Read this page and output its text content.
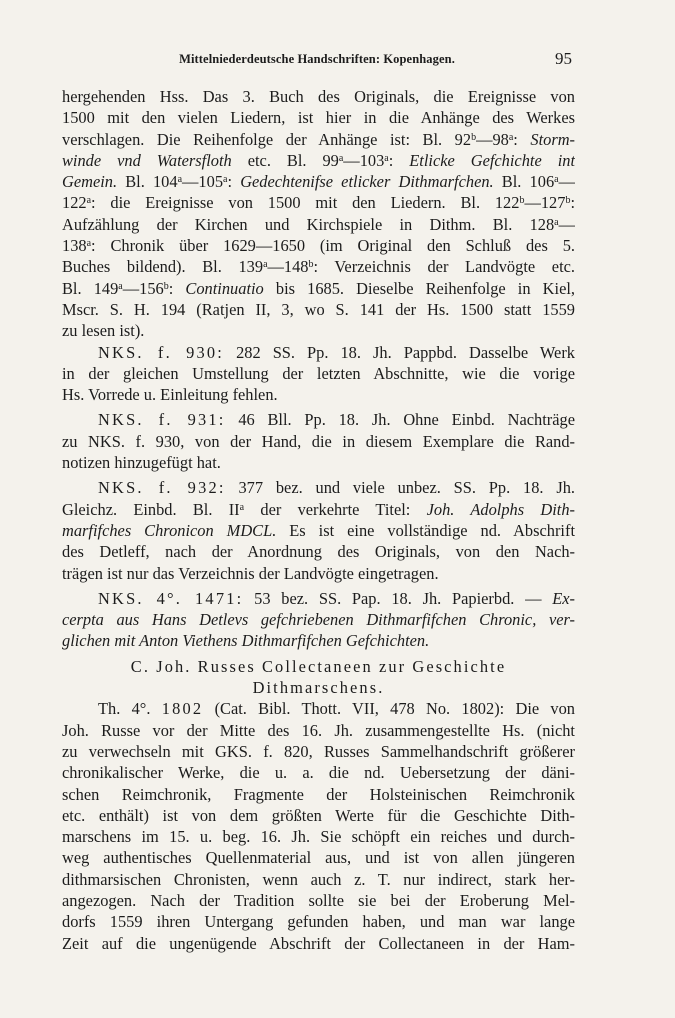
Mittelniederdeutsche Handschriften: Kopenhagen.	95
hergehenden Hss. Das 3. Buch des Originals, die Ereignisse von
1500 mit den vielen Liedern, ist hier in die Anhänge des Werkes
verschlagen. Die Reihenfolge der Anhänge ist: Bl. 92$^b$—98$^a$: Storm-
winde vnd Watersfloth etc. Bl. 99$^a$—103$^a$: Etlicke Gefchichte int
Gemein. Bl. 104$^a$—105$^a$: Gedechtenifse etlicker Dithmarfchen. Bl. 106$^a$—
122$^a$: die Ereignisse von 1500 mit den Liedern. Bl. 122$^b$—127$^b$:
Aufzählung der Kirchen und Kirchspiele in Dithm. Bl. 128$^a$—
138$^a$: Chronik über 1629—1650 (im Original den Schluß des 5.
Buches bildend). Bl. 139$^a$—148$^b$: Verzeichnis der Landvögte etc.
Bl. 149$^a$—156$^b$: Continuatio bis 1685. Dieselbe Reihenfolge in Kiel,
Mscr. S. H. 194 (Ratjen II, 3, wo S. 141 der Hs. 1500 statt 1559
zu lesen ist).
NKS. f. 930: 282 SS. Pp. 18. Jh. Pappbd. Dasselbe Werk
in der gleichen Umstellung der letzten Abschnitte, wie die vorige
Hs. Vorrede u. Einleitung fehlen.
NKS. f. 931: 46 Bll. Pp. 18. Jh. Ohne Einbd. Nachträge
zu NKS. f. 930, von der Hand, die in diesem Exemplare die Rand-
notizen hinzugefügt hat.
NKS. f. 932: 377 bez. und viele unbez. SS. Pp. 18. Jh.
Gleichz. Einbd. Bl. $II^a$ der verkehrte Titel: Joh. Adolphs Dith-
marfifches Chronicon MDCL. Es ist eine vollständige nd. Abschrift
des Detleff, nach der Anordnung des Originals, von den Nach-
trägen ist nur das Verzeichnis der Landvögte eingetragen.
NKS. 4°. 1471: 53 bez. SS. Pap. 18. Jh. Papierbd. — Ex-
cerpta aus Hans Detlevs gefchriebenen Dithmarfifchen Chronic, ver-
glichen mit Anton Viethens Dithmarfifchen Gefchichten.
C. Joh. Russes Collectaneen zur Geschichte
Dithmarschens.
Th. 4°. 1802 (Cat. Bibl. Thott. VII, 478 No. 1802): Die von
Joh. Russe vor der Mitte des 16. Jh. zusammengestellte Hs. (nicht
zu verwechseln mit GKS. f. 820, Russes Sammelhandschrift größerer
chronikalischer Werke, die u. a. die nd. Uebersetzung der däni-
schen Reimchronik, Fragmente der Holsteinischen Reimchronik
etc. enthält) ist von dem größten Werte für die Geschichte Dith-
marschens im 15. u. beg. 16. Jh. Sie schöpft ein reiches und durch-
weg authentisches Quellenmaterial aus, und ist von allen jüngeren
dithmarsischen Chronisten, wenn auch z. T. nur indirect, stark her-
angezogen. Nach der Tradition sollte sie bei der Eroberung Mel-
dorfs 1559 ihren Untergang gefunden haben, und man war lange
Zeit auf die ungenügende Abschrift der Collectaneen in der Ham-
